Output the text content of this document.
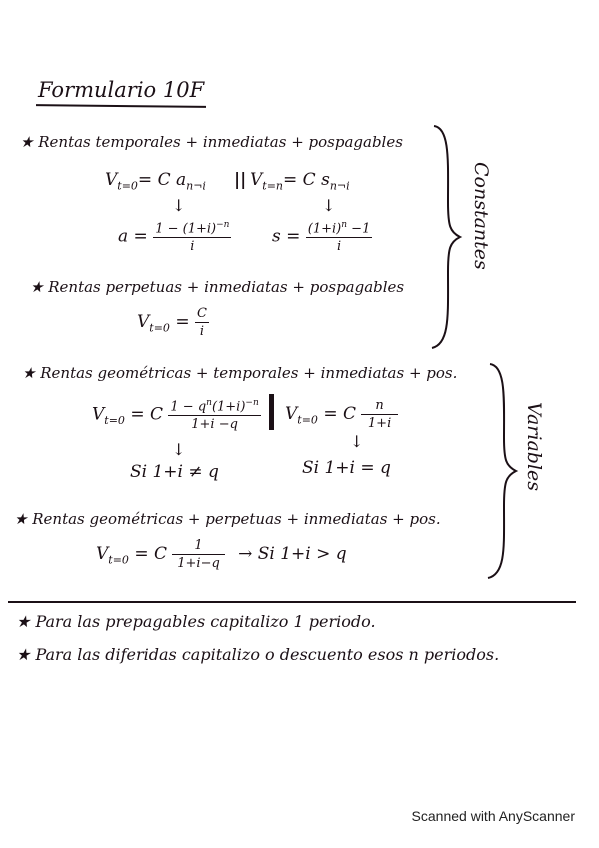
Formulario 10F
★ Rentas temporales + inmediatas + pospagables
$V_{t=0}= C$ $a_{n\neg i}$ || $V_{t=n}= C$ $s_{n\neg i}$
↓	↓
$a = \frac{1 - (1+i)^{-n}}{i}$ $s = \frac{(1+i)^n -1}{i}$
★ Rentas perpetuas + inmediatas + pospagables
$V_{t=0} = \frac{C}{i}$
Constantes
★ Rentas geométricas + temporales + inmediatas + pos.
$V_{t=0} = C \frac{1 - q^n(1+i)^{-n}}{1+i -q} V_{t=0} = C \frac{n}{1+i}$
↓	↓
Si 1+i ≠ q	Si 1+i = q
★ Rentas geométricas + perpetuas + inmediatas + pos.
$V_{t=0} = C \frac{1}{1+i-q} \to Si$ 1+i > q
Variables
★ Para las prepagables capitalizo 1 periodo.
★ Para las diferidas capitalizo o descuento esos n periodos.
Scanned with AnyScanner
